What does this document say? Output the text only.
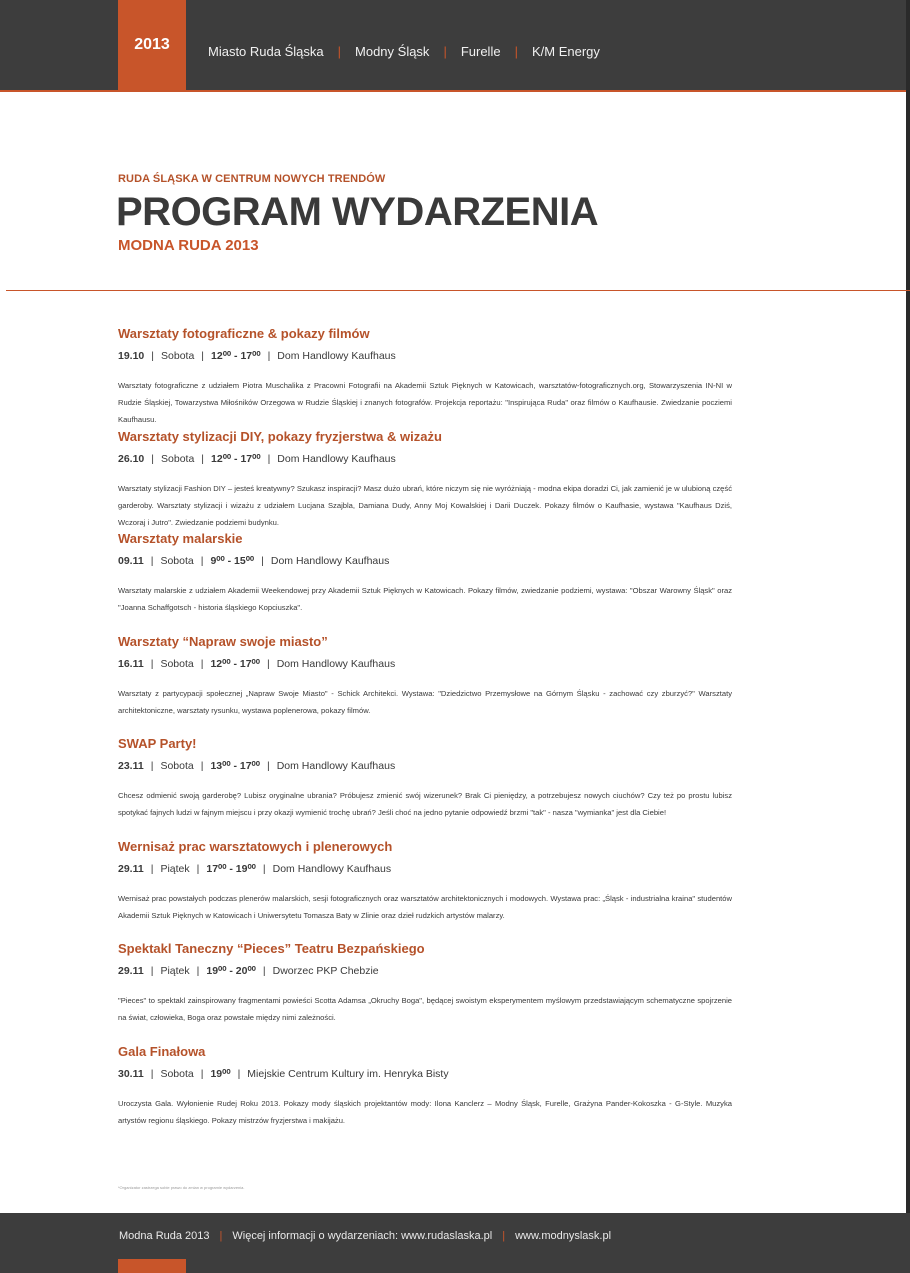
2013	Miasto Ruda Śląska | Modny Śląsk | Furelle | K/M Energy
RUDA ŚLĄSKA W CENTRUM NOWYCH TRENDÓW
PROGRAM WYDARZENIA
MODNA RUDA 2013
Warsztaty fotograficzne & pokazy filmów
19.10 | Sobota | 12⁰⁰ - 17⁰⁰ | Dom Handlowy Kaufhaus

Warsztaty fotograficzne z udziałem Piotra Muschalika z Pracowni Fotografii na Akademii Sztuk Pięknych w Katowicach, warsztatów-fotograficznych.org, Stowarzyszenia IN-NI w Rudzie Śląskiej, Towarzystwa Miłośników Orzegowa w Rudzie Śląskiej i znanych fotografów. Projekcja reportażu: "Inspirująca Ruda" oraz filmów o Kaufhausie. Zwiedzanie pocziemi Kaufhausu.

Warsztaty stylizacji DIY, pokazy fryzjerstwa & wizażu
26.10 | Sobota | 12⁰⁰ - 17⁰⁰ | Dom Handlowy Kaufhaus

Warsztaty stylizacji Fashion DIY – jesteś kreatywny? Szukasz inspiracji? Masz dużo ubrań, które niczym się nie wyróżniają - modna ekipa doradzi Ci, jak zamienić je w ulubioną część garderoby. Warsztaty stylizacji i wizażu z udziałem Lucjana Szajbla, Damiana Dudy, Anny Moj Kowalskiej i Darii Duczek. Pokazy filmów o Kaufhasie, wystawa "Kaufhaus Dziś, Wczoraj i Jutro". Zwiedzanie podziemi budynku.

Warsztaty malarskie
09.11 | Sobota | 9⁰⁰ - 15⁰⁰ | Dom Handlowy Kaufhaus

Warsztaty malarskie z udziałem Akademii Weekendowej przy Akademii Sztuk Pięknych w Katowicach. Pokazy filmów, zwiedzanie podziemi, wystawa: "Obszar Warowny Śląsk" oraz "Joanna Schaffgotsch - historia śląskiego Kopciuszka".

Warsztaty “Napraw swoje miasto”
16.11 | Sobota | 12⁰⁰ - 17⁰⁰ | Dom Handlowy Kaufhaus

Warsztaty z partycypacji społecznej „Napraw Swoje Miasto" - Schick Architekci. Wystawa: "Dziedzictwo Przemysłowe na Górnym Śląsku - zachować czy zburzyć?" Warsztaty architektoniczne, warsztaty rysunku, wystawa poplenerowa, pokazy filmów.

SWAP Party!
23.11 | Sobota | 13⁰⁰ - 17⁰⁰ | Dom Handlowy Kaufhaus

Chcesz odmienić swoją garderobę? Lubisz oryginalne ubrania? Próbujesz zmienić swój wizerunek? Brak Ci pieniędzy, a potrzebujesz nowych ciuchów? Czy też po prostu lubisz spotykać fajnych ludzi w fajnym miejscu i przy okazji wymienić trochę ubrań? Jeśli choć na jedno pytanie odpowiedź brzmi "tak" - nasza "wymianka" jest dla Ciebie!

Wernisaż prac warsztatowych i plenerowych
29.11 | Piątek | 17⁰⁰ - 19⁰⁰ | Dom Handlowy Kaufhaus

Wernisaż prac powstałych podczas plenerów malarskich, sesji fotograficznych oraz warsztatów architektonicznych i modowych. Wystawa prac: „Śląsk - industrialna kraina" studentów Akademii Sztuk Pięknych w Katowicach i Uniwersytetu Tomasza Baty w Zlinie oraz dzieł rudzkich artystów malarzy.

Spektakl Taneczny “Pieces” Teatru Bezpańskiego
29.11 | Piątek | 19⁰⁰ - 20⁰⁰ | Dworzec PKP Chebzie

"Pieces" to spektakl zainspirowany fragmentami powieści Scotta Adamsa „Okruchy Boga", będącej swoistym eksperymentem myślowym przedstawiającym schematyczne spojrzenie na świat, człowieka, Boga oraz powstałe między nimi zależności.

Gala Finałowa
30.11 | Sobota | 19⁰⁰ | Miejskie Centrum Kultury im. Henryka Bisty

Uroczysta Gala. Wyłonienie Rudej Roku 2013. Pokazy mody śląskich projektantów mody: Ilona Kanclerz – Modny Śląsk, Furelle, Grażyna Pander-Kokoszka - G-Style. Muzyka artystów regionu śląskiego. Pokazy mistrzów fryzjerstwa i makijażu.

*Organizator zastrzega sobie prawo do zmian w programie wydarzenia.
Modna Ruda 2013 | Więcej informacji o wydarzeniach: www.rudaslaska.pl | www.modnyslask.pl
